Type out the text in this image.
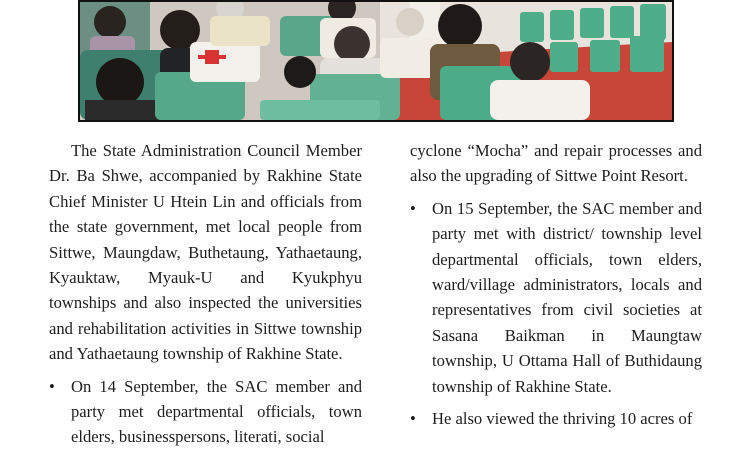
The State Administration Council Member Dr. Ba Shwe, accompanied by Rakhine State Chief Minister U Htein Lin and officials from the state government, met local people from Sittwe, Maungdaw, Buthetaung, Yathaetaung, Kyauktaw, Myauk-U and Kyukphyu townships and also inspected the universities and rehabilitation activities in Sittwe township and Yathaetaung township of Rakhine State.

• On 14 September, the SAC member and party met departmental officials, town elders, businesspersons, literati, social

cyclone “Mocha” and repair processes and also the upgrading of Sittwe Point Resort.

• On 15 September, the SAC member and party met with district/ township level departmental officials, town elders, ward/village administrators, locals and representatives from civil societies at Sasana Baikman in Maungtaw township, U Ottama Hall of Buthidaung township of Rakhine State.

• He also viewed the thriving 10 acres of
